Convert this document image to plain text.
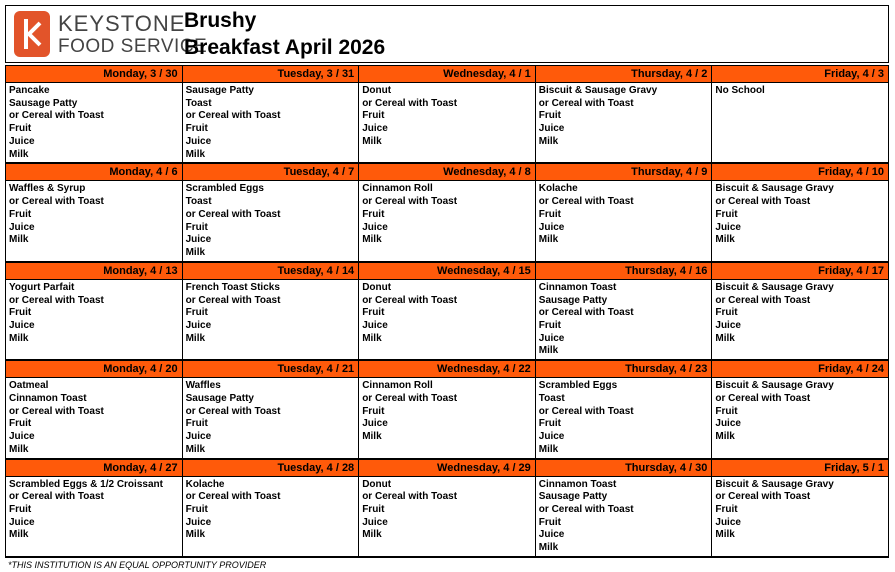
KEYSTONE
FOOD SERVICE
Brushy
Breakfast April 2026
Monday, 3 / 30
Pancake
Sausage Patty
or Cereal with Toast
Fruit
Juice
Milk
Tuesday, 3 / 31
Sausage Patty
Toast
or Cereal with Toast
Fruit
Juice
Milk
Wednesday, 4 / 1
Donut
or Cereal with Toast
Fruit
Juice
Milk
Thursday, 4 / 2
Biscuit & Sausage Gravy
or Cereal with Toast
Fruit
Juice
Milk
Friday, 4 / 3
No School
Monday, 4 / 6
Waffles & Syrup
or Cereal with Toast
Fruit
Juice
Milk
Tuesday, 4 / 7
Scrambled Eggs
Toast
or Cereal with Toast
Fruit
Juice
Milk
Wednesday, 4 / 8
Cinnamon Roll
or Cereal with Toast
Fruit
Juice
Milk
Thursday, 4 / 9
Kolache
or Cereal with Toast
Fruit
Juice
Milk
Friday, 4 / 10
Biscuit & Sausage Gravy
or Cereal with Toast
Fruit
Juice
Milk
Monday, 4 / 13
Yogurt Parfait
or Cereal with Toast
Fruit
Juice
Milk
Tuesday, 4 / 14
French Toast Sticks
or Cereal with Toast
Fruit
Juice
Milk
Wednesday, 4 / 15
Donut
or Cereal with Toast
Fruit
Juice
Milk
Thursday, 4 / 16
Cinnamon Toast
Sausage Patty
or Cereal with Toast
Fruit
Juice
Milk
Friday, 4 / 17
Biscuit & Sausage Gravy
or Cereal with Toast
Fruit
Juice
Milk
Monday, 4 / 20
Oatmeal
Cinnamon Toast
or Cereal with Toast
Fruit
Juice
Milk
Tuesday, 4 / 21
Waffles
Sausage Patty
or Cereal with Toast
Fruit
Juice
Milk
Wednesday, 4 / 22
Cinnamon Roll
or Cereal with Toast
Fruit
Juice
Milk
Thursday, 4 / 23
Scrambled Eggs
Toast
or Cereal with Toast
Fruit
Juice
Milk
Friday, 4 / 24
Biscuit & Sausage Gravy
or Cereal with Toast
Fruit
Juice
Milk
Monday, 4 / 27
Scrambled Eggs & 1/2 Croissant
or Cereal with Toast
Fruit
Juice
Milk
Tuesday, 4 / 28
Kolache
or Cereal with Toast
Fruit
Juice
Milk
Wednesday, 4 / 29
Donut
or Cereal with Toast
Fruit
Juice
Milk
Thursday, 4 / 30
Cinnamon Toast
Sausage Patty
or Cereal with Toast
Fruit
Juice
Milk
Friday, 5 / 1
Biscuit & Sausage Gravy
or Cereal with Toast
Fruit
Juice
Milk
*THIS INSTITUTION IS AN EQUAL OPPORTUNITY PROVIDER
